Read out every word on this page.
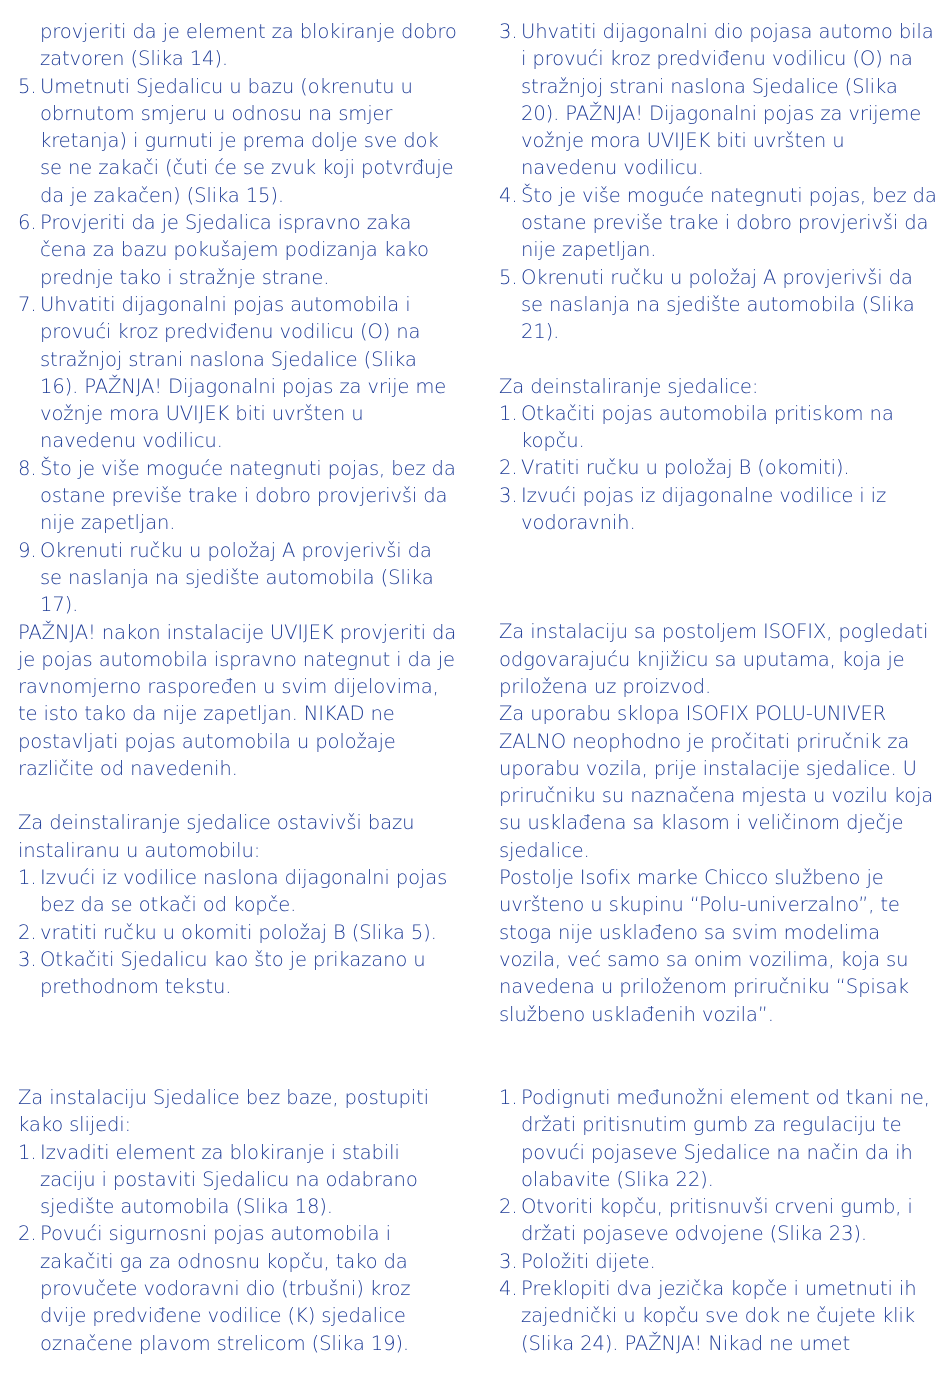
provjeriti da je element za blokiranje dobro zatvoren (Slika 14).

5. Umetnuti Sjedalicu u bazu (okrenutu u obrnutom smjeru u odnosu na smjer kretanja) i gurnuti je prema dolje sve dok se ne zakači (čuti će se zvuk koji potvrđuje da je zakačen) (Slika 15).
6. Provjeriti da je Sjedalica ispravno zaka čena za bazu pokušajem podizanja kako prednje tako i stražnje strane.
7. Uhvatiti dijagonalni pojas automobila i provući kroz predviđenu vodilicu (O) na stražnjoj strani naslona Sjedalice (Slika 16). PAŽNJA! Dijagonalni pojas za vrije me vožnje mora UVIJEK biti uvršten u navedenu vodilicu.
8. Što je više moguće nategnuti pojas, bez da ostane previše trake i dobro provjerivši da nije zapetljan.
9. Okrenuti ručku u položaj A provjerivši da se naslanja na sjedište automobila (Slika 17).

PAŽNJA! nakon instalacije UVIJEK provjeriti da je pojas automobila ispravno nategnut i da je ravnomjerno raspoređen u svim dijelovima, te isto tako da nije zapetljan. NIKAD ne postavljati pojas automobila u položaje različite od navedenih.

Za deinstaliranje sjedalice ostavivši bazu instaliranu u automobilu:

1. Izvući iz vodilice naslona dijagonalni pojas bez da se otkači od kopče.
2. vratiti ručku u okomiti položaj B (Slika 5).
3. Otkačiti Sjedalicu kao što je prikazano u prethodnom tekstu.

Za instalaciju Sjedalice bez baze, postupiti kako slijedi:

1. Izvaditi element za blokiranje i stabili zaciju i postaviti Sjedalicu na odabrano sjedište automobila (Slika 18).
2. Povući sigurnosni pojas automobila i zakačiti ga za odnosnu kopču, tako da provučete vodoravni dio (trbušni) kroz dvije predviđene vodilice (K) sjedalice označene plavom strelicom (Slika 19).
3. Uhvatiti dijagonalni dio pojasa automo bila i provući kroz predviđenu vodilicu (O) na stražnjoj strani naslona Sjedalice (Slika 20). PAŽNJA! Dijagonalni pojas za vrijeme vožnje mora UVIJEK biti uvršten u navedenu vodilicu.
4. Što je više moguće nategnuti pojas, bez da ostane previše trake i dobro provjerivši da nije zapetljan.
5. Okrenuti ručku u položaj A provjerivši da se naslanja na sjedište automobila (Slika 21).

Za deinstaliranje sjedalice:

1. Otkačiti pojas automobila pritiskom na kopču.
2. Vratiti ručku u položaj B (okomiti).
3. Izvući pojas iz dijagonalne vodilice i iz vodoravnih.

Za instalaciju sa postoljem ISOFIX, pogledati odgovarajuću knjižicu sa uputama, koja je priložena uz proizvod.

Za uporabu sklopa ISOFIX POLU-UNIVER ZALNO neophodno je pročitati priručnik za uporabu vozila, prije instalacije sjedalice. U priručniku su naznačena mjesta u vozilu koja su usklađena sa klasom i veličinom dječje sjedalice.

Postolje Isofix marke Chicco službeno je uvršteno u skupinu “Polu-univerzalno”, te stoga nije usklađeno sa svim modelima vozila, već samo sa onim vozilima, koja su navedena u priloženom priručniku “Spisak službeno usklađenih vozila”.

1. Podignuti međunožni element od tkani ne, držati pritisnutim gumb za regulaciju te povući pojaseve Sjedalice na način da ih olabavite (Slika 22).
2. Otvoriti kopču, pritisnuvši crveni gumb, i držati pojaseve odvojene (Slika 23).
3. Položiti dijete.
4. Preklopiti dva jezička kopče i umetnuti ih zajednički u kopču sve dok ne čujete klik (Slika 24). PAŽNJA! Nikad ne umet
